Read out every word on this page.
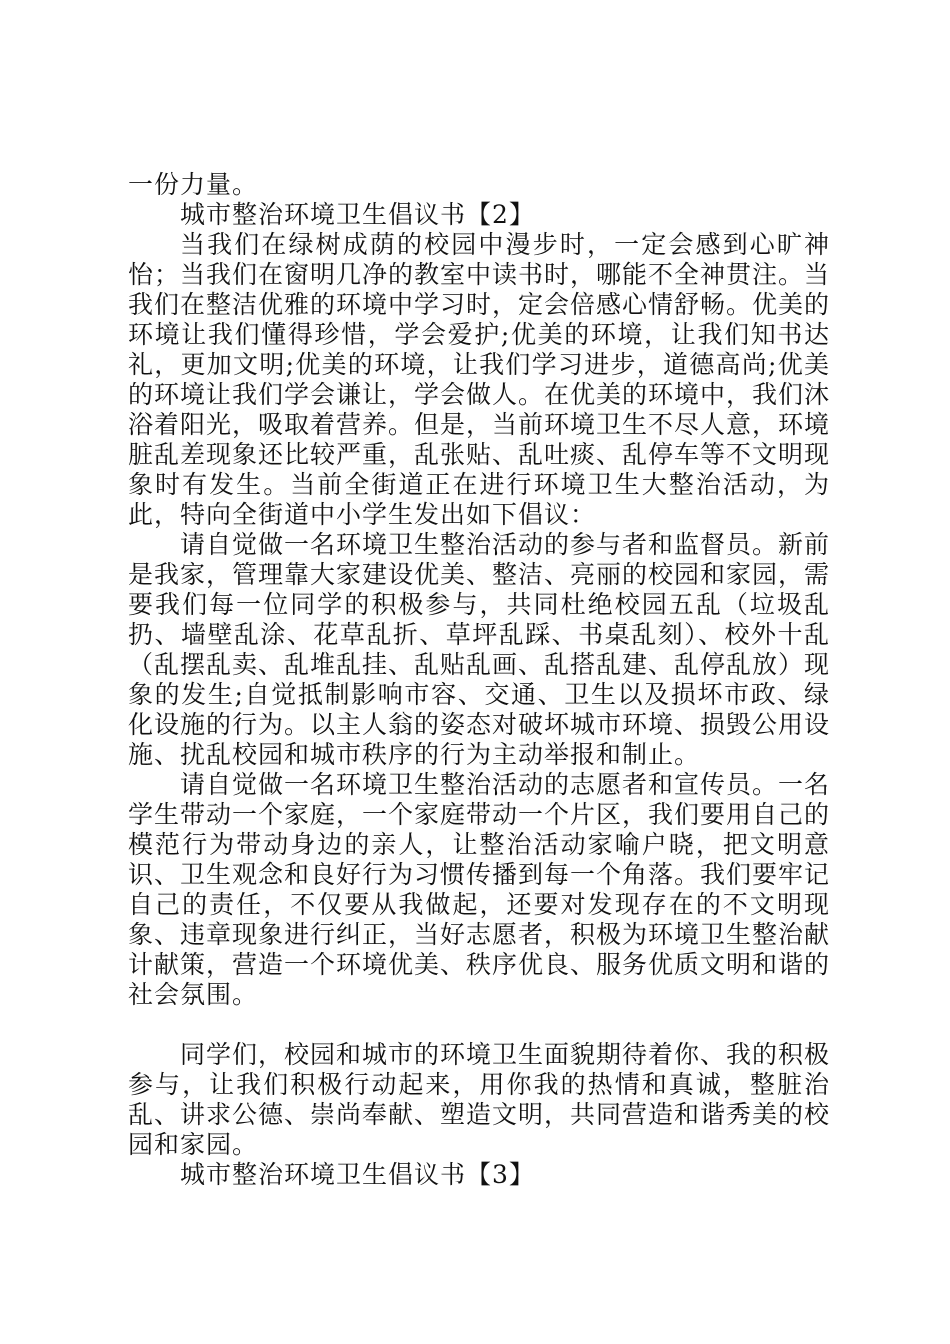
一份力量。

城市整治环境卫生倡议书【2】

当我们在绿树成荫的校园中漫步时，一定会感到心旷神怡；当我们在窗明几净的教室中读书时，哪能不全神贯注。当我们在整洁优雅的环境中学习时，定会倍感心情舒畅。优美的环境让我们懂得珍惜，学会爱护;优美的环境，让我们知书达礼，更加文明;优美的环境，让我们学习进步，道德高尚;优美的环境让我们学会谦让，学会做人。在优美的环境中，我们沐浴着阳光，吸取着营养。但是，当前环境卫生不尽人意，环境脏乱差现象还比较严重，乱张贴、乱吐痰、乱停车等不文明现象时有发生。当前全街道正在进行环境卫生大整治活动，为此，特向全街道中小学生发出如下倡议：

请自觉做一名环境卫生整治活动的参与者和监督员。新前是我家，管理靠大家建设优美、整洁、亮丽的校园和家园，需要我们每一位同学的积极参与，共同杜绝校园五乱（垃圾乱扔、墙壁乱涂、花草乱折、草坪乱踩、书桌乱刻）、校外十乱（乱摆乱卖、乱堆乱挂、乱贴乱画、乱搭乱建、乱停乱放）现象的发生;自觉抵制影响市容、交通、卫生以及损坏市政、绿化设施的行为。以主人翁的姿态对破坏城市环境、损毁公用设施、扰乱校园和城市秩序的行为主动举报和制止。

请自觉做一名环境卫生整治活动的志愿者和宣传员。一名学生带动一个家庭，一个家庭带动一个片区，我们要用自己的模范行为带动身边的亲人，让整治活动家喻户晓，把文明意识、卫生观念和良好行为习惯传播到每一个角落。我们要牢记自己的责任，不仅要从我做起，还要对发现存在的不文明现象、违章现象进行纠正，当好志愿者，积极为环境卫生整治献计献策，营造一个环境优美、秩序优良、服务优质文明和谐的社会氛围。

同学们，校园和城市的环境卫生面貌期待着你、我的积极参与，让我们积极行动起来，用你我的热情和真诚，整脏治乱、讲求公德、崇尚奉献、塑造文明，共同营造和谐秀美的校园和家园。

城市整治环境卫生倡议书【3】
